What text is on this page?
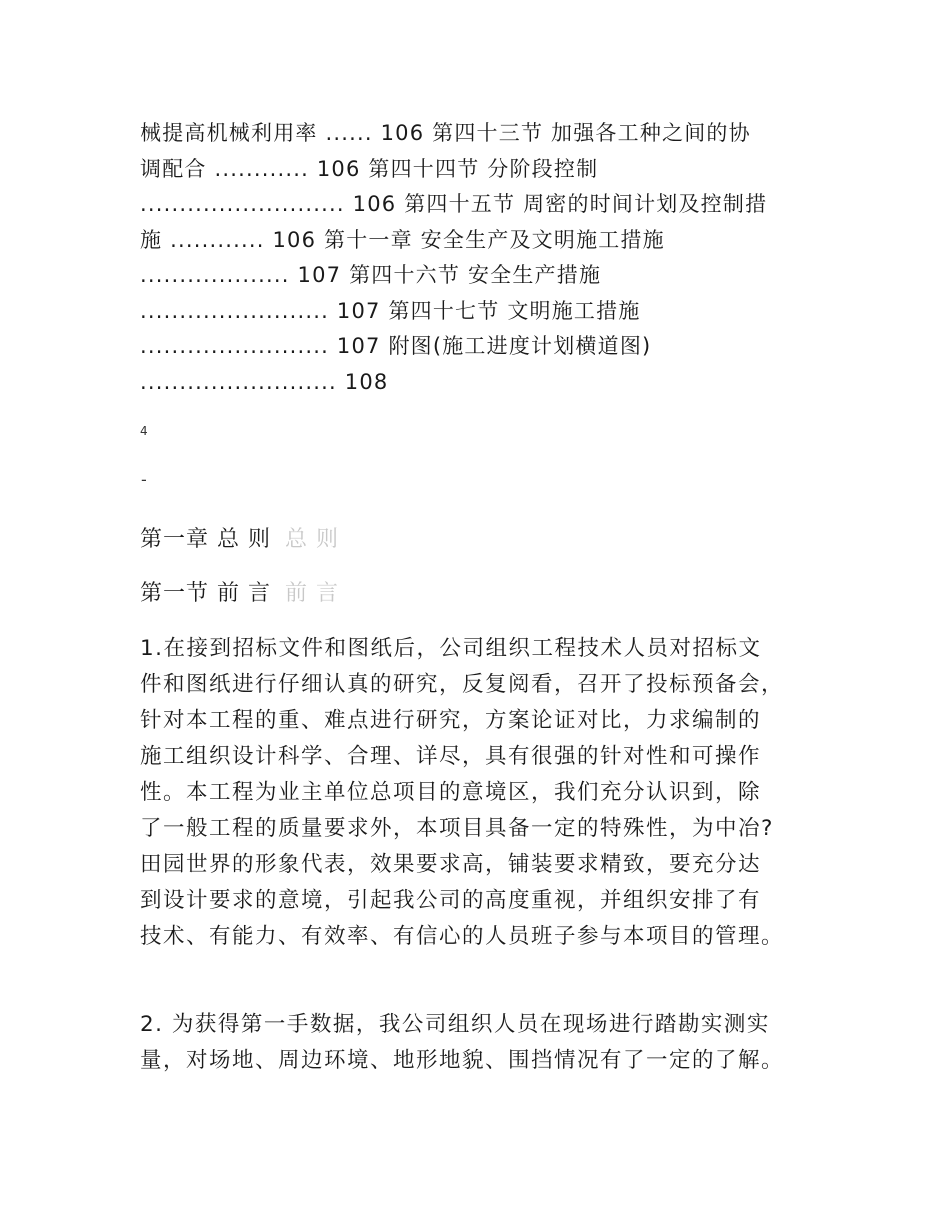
械提高机械利用率 ...... 106 第四十三节 加强各工种之间的协
调配合 ............ 106 第四十四节 分阶段控制
.......................... 106 第四十五节 周密的时间计划及控制措
施 ............ 106 第十一章 安全生产及文明施工措施
................... 107 第四十六节 安全生产措施
........................ 107 第四十七节 文明施工措施
........................ 107 附图(施工进度计划横道图)
......................... 108
4
-
第一章 总 则 总 则
第一节 前 言 前 言
1.在接到招标文件和图纸后，公司组织工程技术人员对招标文
件和图纸进行仔细认真的研究，反复阅看，召开了投标预备会，
针对本工程的重、难点进行研究，方案论证对比，力求编制的
施工组织设计科学、合理、详尽，具有很强的针对性和可操作
性。本工程为业主单位总项目的意境区，我们充分认识到，除
了一般工程的质量要求外，本项目具备一定的特殊性，为中冶?
田园世界的形象代表，效果要求高，铺装要求精致，要充分达
到设计要求的意境，引起我公司的高度重视，并组织安排了有
技术、有能力、有效率、有信心的人员班子参与本项目的管理。
2. 为获得第一手数据，我公司组织人员在现场进行踏勘实测实
量，对场地、周边环境、地形地貌、围挡情况有了一定的了解。
